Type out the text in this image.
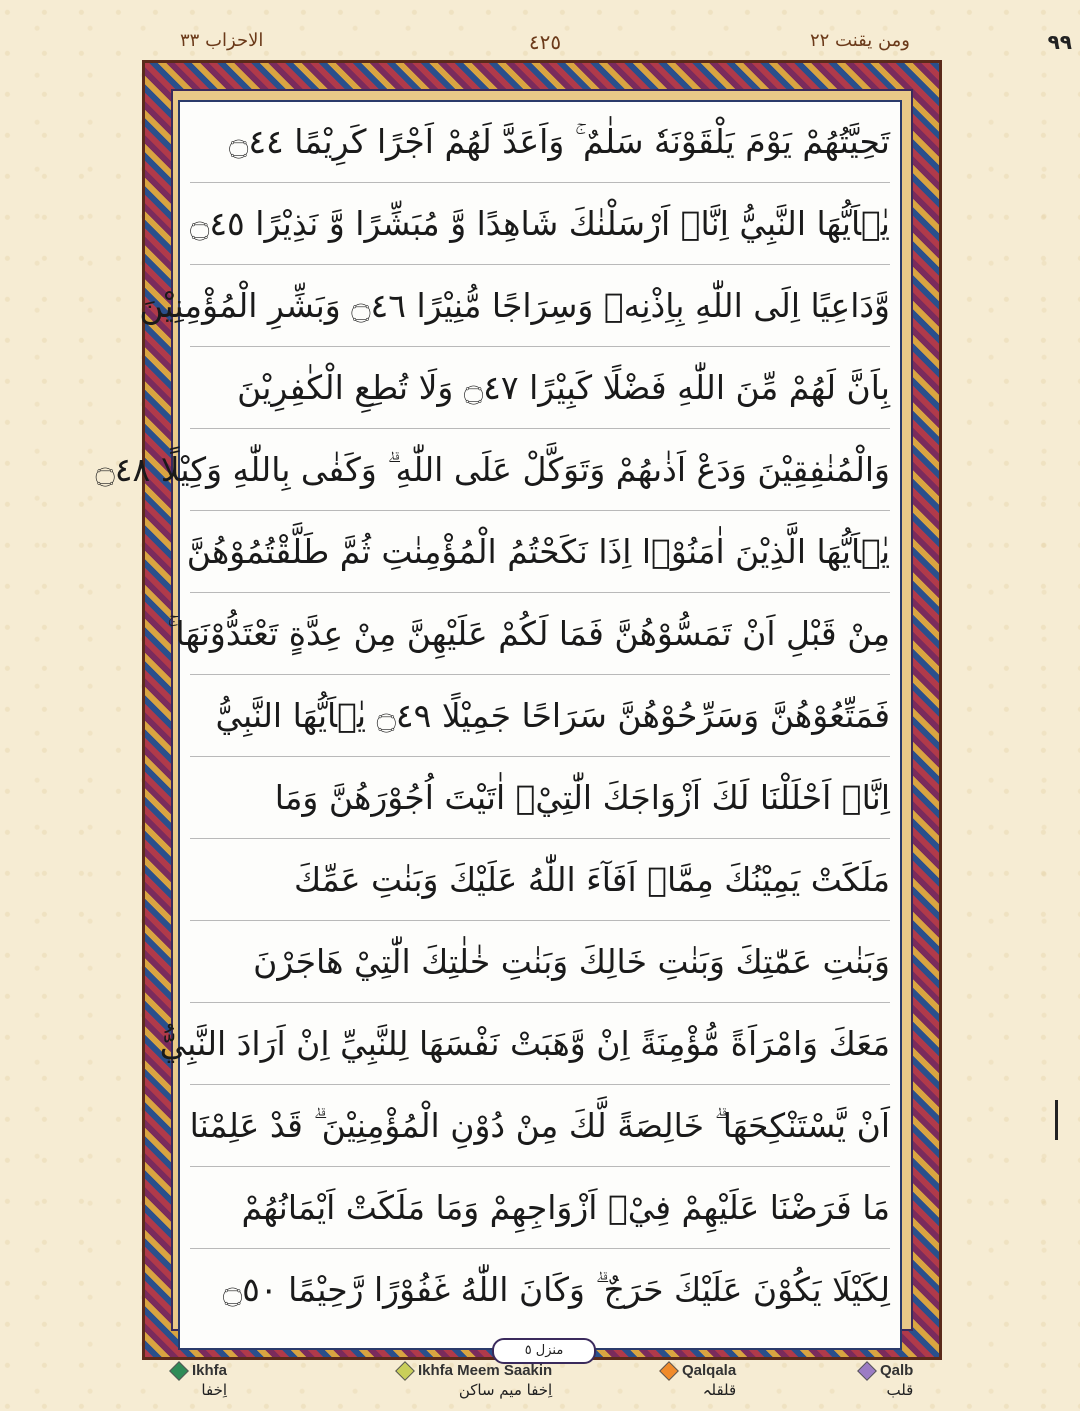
الاحزاب ٣٣	٤٢٥	ومن يقنت ٢٢	٩٩
تَحِيَّتُهُمْ يَوْمَ يَلْقَوْنَهٗ سَلٰمٌ ۚ وَاَعَدَّ لَهُمْ اَجْرًا كَرِيْمًا ۝٤٤
يٰۤاَيُّهَا النَّبِيُّ اِنَّاۤ اَرْسَلْنٰكَ شَاهِدًا وَّ مُبَشِّرًا وَّ نَذِيْرًا ۝٤٥
وَّدَاعِيًا اِلَى اللّٰهِ بِاِذْنِهٖ وَسِرَاجًا مُّنِيْرًا ۝٤٦ وَبَشِّرِ الْمُؤْمِنِيْنَ
بِاَنَّ لَهُمْ مِّنَ اللّٰهِ فَضْلًا كَبِيْرًا ۝٤٧ وَلَا تُطِعِ الْكٰفِرِيْنَ
وَالْمُنٰفِقِيْنَ وَدَعْ اَذٰىهُمْ وَتَوَكَّلْ عَلَى اللّٰهِ ۗ وَكَفٰى بِاللّٰهِ وَكِيْلًا ۝٤٨
يٰۤاَيُّهَا الَّذِيْنَ اٰمَنُوْۤا اِذَا نَكَحْتُمُ الْمُؤْمِنٰتِ ثُمَّ طَلَّقْتُمُوْهُنَّ
مِنْ قَبْلِ اَنْ تَمَسُّوْهُنَّ فَمَا لَكُمْ عَلَيْهِنَّ مِنْ عِدَّةٍ تَعْتَدُّوْنَهَا ۚ
فَمَتِّعُوْهُنَّ وَسَرِّحُوْهُنَّ سَرَاحًا جَمِيْلًا ۝٤٩ يٰۤاَيُّهَا النَّبِيُّ
اِنَّاۤ اَحْلَلْنَا لَكَ اَزْوَاجَكَ الّٰتِيْۤ اٰتَيْتَ اُجُوْرَهُنَّ وَمَا
مَلَكَتْ يَمِيْنُكَ مِمَّاۤ اَفَآءَ اللّٰهُ عَلَيْكَ وَبَنٰتِ عَمِّكَ
وَبَنٰتِ عَمّٰتِكَ وَبَنٰتِ خَالِكَ وَبَنٰتِ خٰلٰتِكَ الّٰتِيْ هَاجَرْنَ
مَعَكَ وَامْرَاَةً مُّؤْمِنَةً اِنْ وَّهَبَتْ نَفْسَهَا لِلنَّبِيِّ اِنْ اَرَادَ النَّبِيُّ
اَنْ يَّسْتَنْكِحَهَا ۗ خَالِصَةً لَّكَ مِنْ دُوْنِ الْمُؤْمِنِيْنَ ۗ قَدْ عَلِمْنَا
مَا فَرَضْنَا عَلَيْهِمْ فِيْۤ اَزْوَاجِهِمْ وَمَا مَلَكَتْ اَيْمَانُهُمْ
لِكَيْلَا يَكُوْنَ عَلَيْكَ حَرَجٌ ۗ وَكَانَ اللّٰهُ غَفُوْرًا رَّحِيْمًا ۝٥٠
منزل ٥
Ikhfa
اِخفا
Ikhfa Meem Saakin
اِخفا میم ساکن
Qalqala
قلقلہ
Qalb
قلب
